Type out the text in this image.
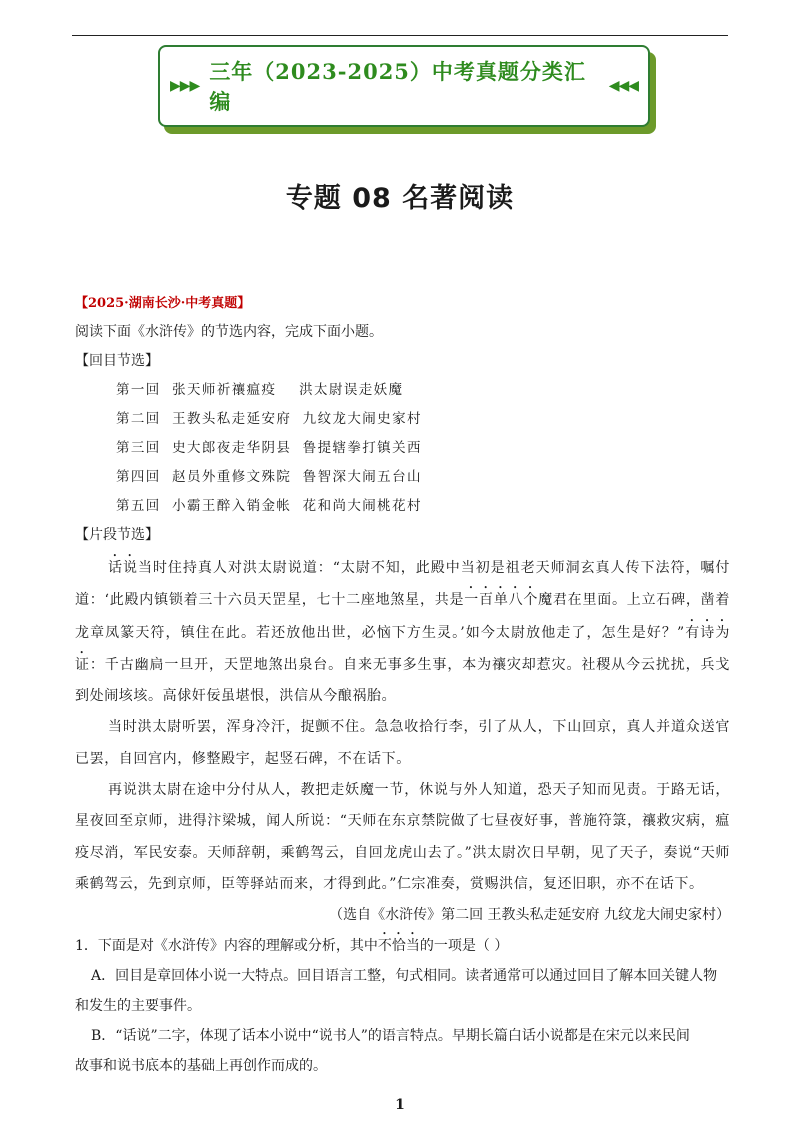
▶▶▶
三年（2023-2025）中考真题分类汇编
◀◀◀
专题 08 名著阅读
【2025·湖南长沙·中考真题】
阅读下面《水浒传》的节选内容，完成下面小题。
【回目节选】
第一回  张天师祈禳瘟疫    洪太尉误走妖魔
第二回  王教头私走延安府  九纹龙大闹史家村
第三回  史大郎夜走华阴县  鲁提辖拳打镇关西
第四回  赵员外重修文殊院  鲁智深大闹五台山
第五回  小霸王醉入销金帐  花和尚大闹桃花村
【片段节选】

话说当时住持真人对洪太尉说道：“太尉不知，此殿中当初是祖老天师洞玄真人传下法符，嘱付道：‘此殿内镇锁着三十六员天罡星，七十二座地煞星，共是一百单八个魔君在里面。上立石碑，凿着龙章凤篆天符，镇住在此。若还放他出世，必恼下方生灵。’如今太尉放他走了，怎生是好？”有诗为证：千古幽扃一旦开，天罡地煞出泉台。自来无事多生事，本为禳灾却惹灾。社稷从今云扰扰，兵戈到处闹垓垓。高俅奸佞虽堪恨，洪信从今酿祸胎。

当时洪太尉听罢，浑身冷汗，捉颤不住。急急收拾行李，引了从人，下山回京，真人并道众送官已罢，自回宫内，修整殿宇，起竖石碑，不在话下。

再说洪太尉在途中分付从人，教把走妖魔一节，休说与外人知道，恐天子知而见责。于路无话，星夜回至京师，进得汴梁城，闻人所说：“天师在东京禁院做了七昼夜好事，普施符箓，禳救灾病，瘟疫尽消，军民安泰。天师辞朝，乘鹤驾云，自回龙虎山去了。”洪太尉次日早朝，见了天子，奏说“天师乘鹤驾云，先到京师，臣等驿站而来，才得到此。”仁宗准奏，赏赐洪信，复还旧职，亦不在话下。

（选自《水浒传》第二回 王教头私走延安府 九纹龙大闹史家村）
1．下面是对《水浒传》内容的理解或分析，其中不恰当的一项是（ ）
A．回目是章回体小说一大特点。回目语言工整，句式相同。读者通常可以通过回目了解本回关键人物
和发生的主要事件。
B．“话说”二字，体现了话本小说中“说书人”的语言特点。早期长篇白话小说都是在宋元以来民间
故事和说书底本的基础上再创作而成的。
1
